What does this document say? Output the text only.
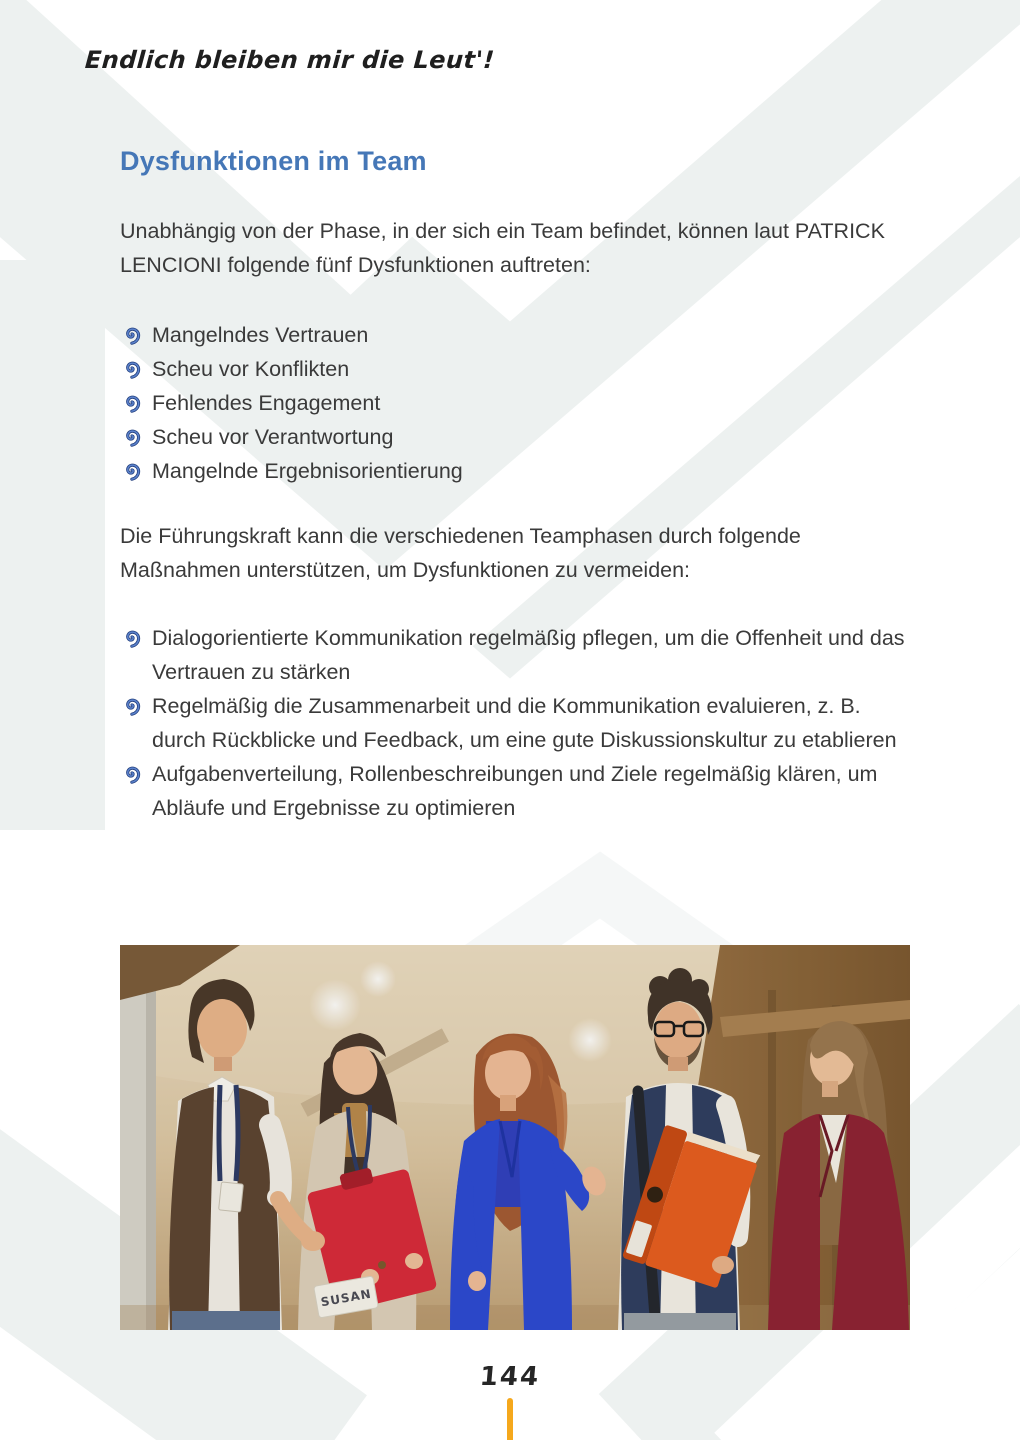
Endlich bleiben mir die Leut'!
Dysfunktionen im Team

Unabhängig von der Phase, in der sich ein Team befindet, können laut PATRICK LENCIONI folgende fünf Dysfunktionen auftreten:

Mangelndes Vertrauen
Scheu vor Konflikten
Fehlendes Engagement
Scheu vor Verantwortung
Mangelnde Ergebnisorientierung

Die Führungskraft kann die verschiedenen Teamphasen durch folgende Maßnahmen unterstützen, um Dysfunktionen zu vermeiden:

Dialogorientierte Kommunikation regelmäßig pflegen, um die Offenheit und das Vertrauen zu stärken
Regelmäßig die Zusammenarbeit und die Kommunikation evaluieren, z. B. durch Rückblicke und Feedback, um eine gute Diskussionskultur zu etablieren
Aufgabenverteilung, Rollenbeschreibungen und Ziele regelmäßig klären, um Abläufe und Ergebnisse zu optimieren
SUSAN
144
